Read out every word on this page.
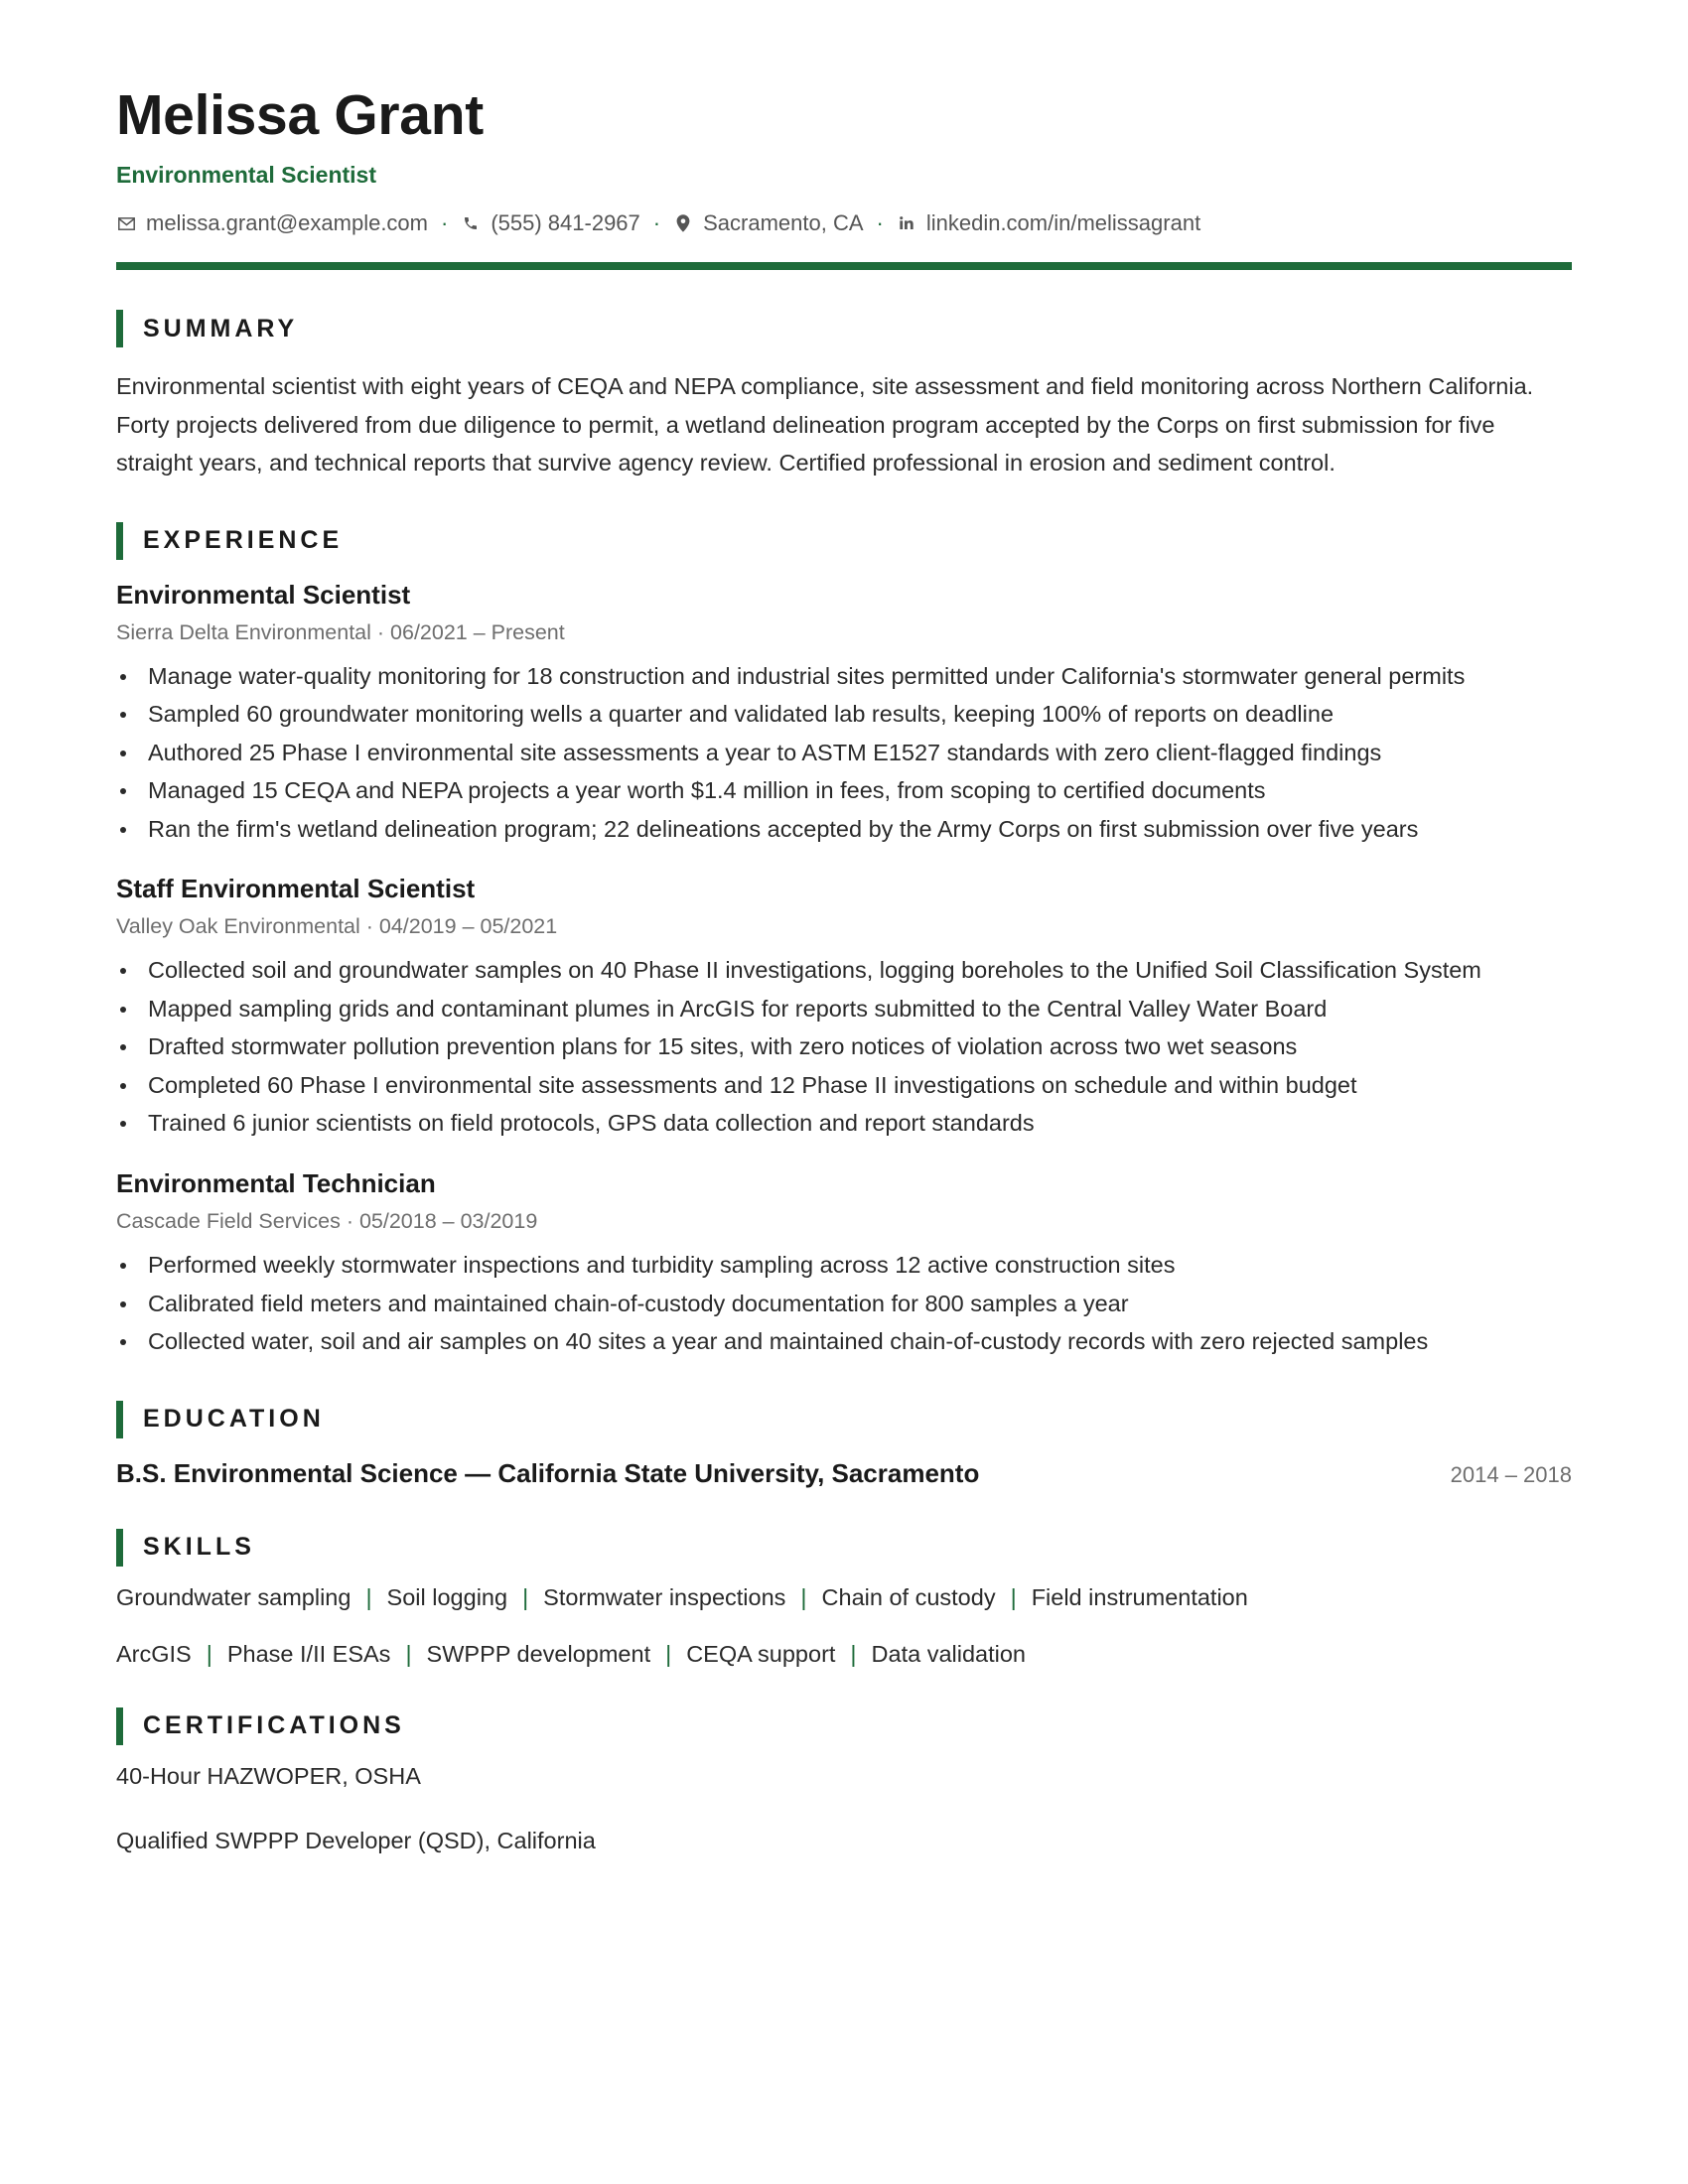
Melissa Grant
Environmental Scientist
melissa.grant@example.com · (555) 841-2967 · Sacramento, CA · linkedin.com/in/melissagrant
SUMMARY
Environmental scientist with eight years of CEQA and NEPA compliance, site assessment and field monitoring across Northern California. Forty projects delivered from due diligence to permit, a wetland delineation program accepted by the Corps on first submission for five straight years, and technical reports that survive agency review. Certified professional in erosion and sediment control.
EXPERIENCE
Environmental Scientist
Sierra Delta Environmental · 06/2021 – Present
Manage water-quality monitoring for 18 construction and industrial sites permitted under California's stormwater general permits
Sampled 60 groundwater monitoring wells a quarter and validated lab results, keeping 100% of reports on deadline
Authored 25 Phase I environmental site assessments a year to ASTM E1527 standards with zero client-flagged findings
Managed 15 CEQA and NEPA projects a year worth $1.4 million in fees, from scoping to certified documents
Ran the firm's wetland delineation program; 22 delineations accepted by the Army Corps on first submission over five years
Staff Environmental Scientist
Valley Oak Environmental · 04/2019 – 05/2021
Collected soil and groundwater samples on 40 Phase II investigations, logging boreholes to the Unified Soil Classification System
Mapped sampling grids and contaminant plumes in ArcGIS for reports submitted to the Central Valley Water Board
Drafted stormwater pollution prevention plans for 15 sites, with zero notices of violation across two wet seasons
Completed 60 Phase I environmental site assessments and 12 Phase II investigations on schedule and within budget
Trained 6 junior scientists on field protocols, GPS data collection and report standards
Environmental Technician
Cascade Field Services · 05/2018 – 03/2019
Performed weekly stormwater inspections and turbidity sampling across 12 active construction sites
Calibrated field meters and maintained chain-of-custody documentation for 800 samples a year
Collected water, soil and air samples on 40 sites a year and maintained chain-of-custody records with zero rejected samples
EDUCATION
B.S. Environmental Science — California State University, Sacramento	2014 – 2018
SKILLS
Groundwater sampling | Soil logging | Stormwater inspections | Chain of custody | Field instrumentation
ArcGIS | Phase I/II ESAs | SWPPP development | CEQA support | Data validation
CERTIFICATIONS
40-Hour HAZWOPER, OSHA
Qualified SWPPP Developer (QSD), California
